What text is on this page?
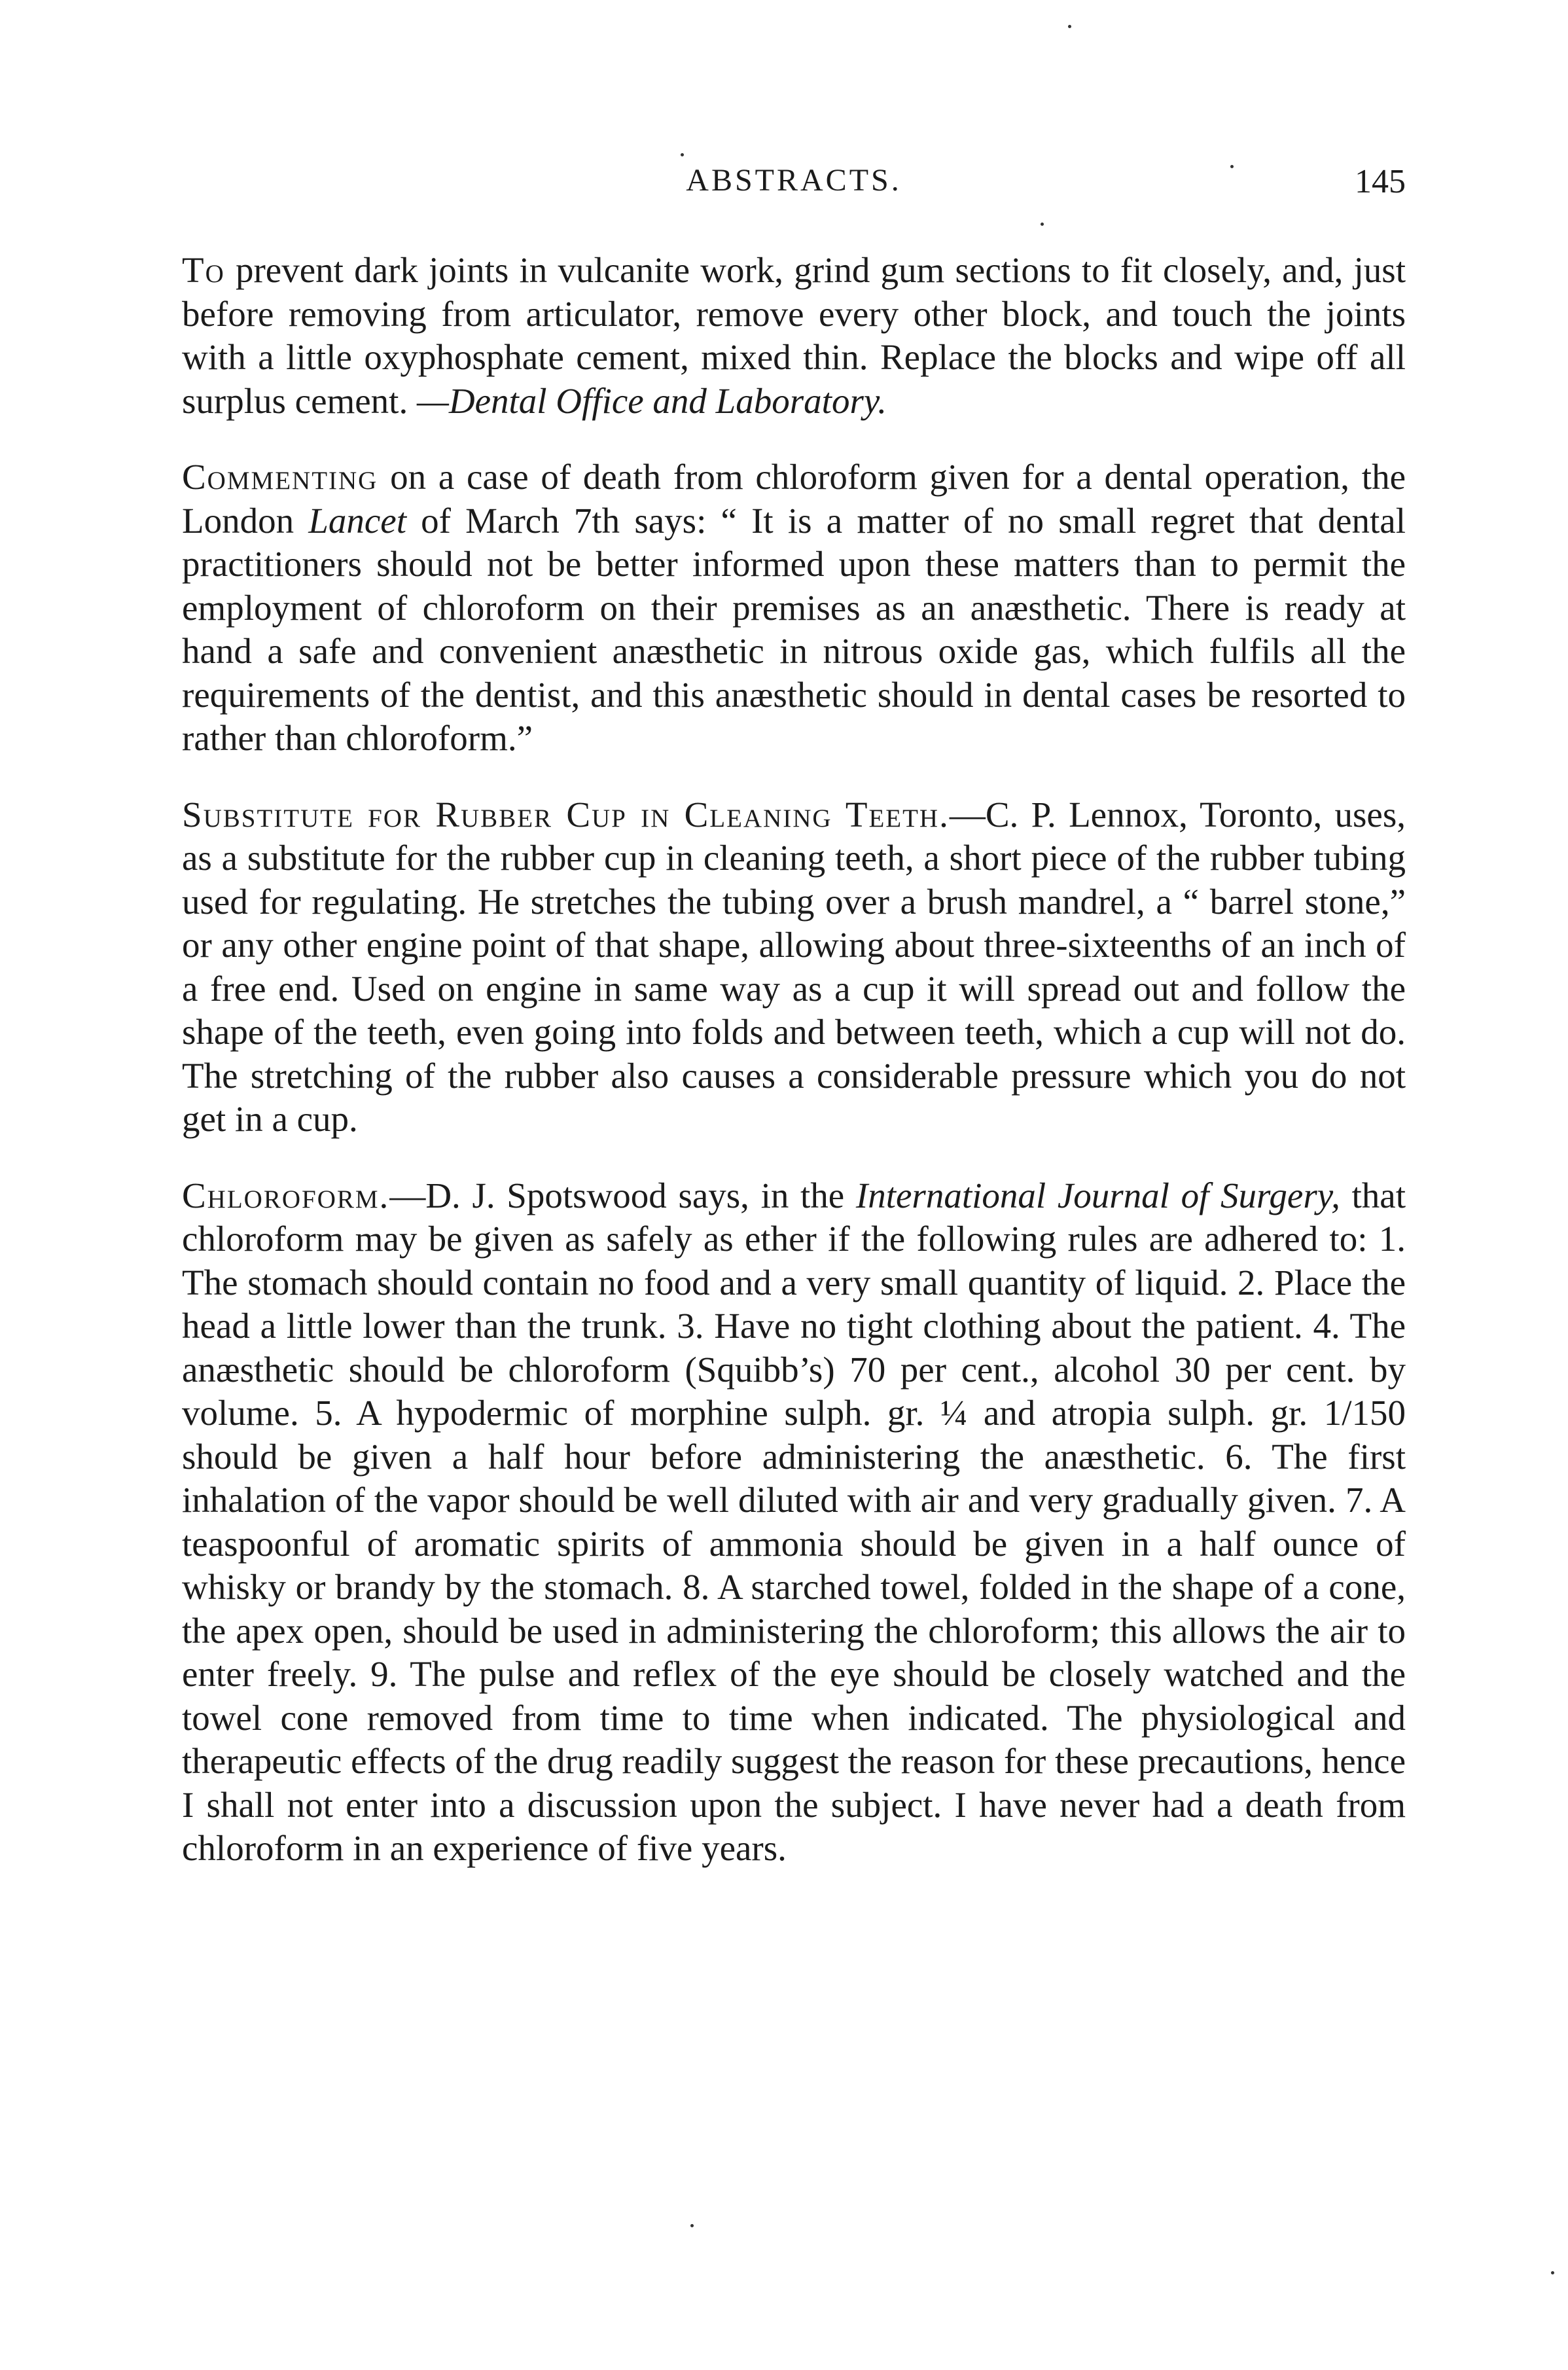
ABSTRACTS.	145

To prevent dark joints in vulcanite work, grind gum sections to fit closely, and, just before removing from articulator, remove every other block, and touch the joints with a little oxyphosphate cement, mixed thin. Replace the blocks and wipe off all surplus cement. —Dental Office and Laboratory.

Commenting on a case of death from chloroform given for a dental operation, the London Lancet of March 7th says: “ It is a matter of no small regret that dental practitioners should not be better informed upon these matters than to permit the employment of chloroform on their premises as an anæsthetic. There is ready at hand a safe and convenient anæsthetic in nitrous oxide gas, which fulfils all the requirements of the dentist, and this anæsthetic should in dental cases be resorted to rather than chloroform.”

Substitute for Rubber Cup in Cleaning Teeth.—C. P. Lennox, Toronto, uses, as a substitute for the rubber cup in cleaning teeth, a short piece of the rubber tubing used for regulating. He stretches the tubing over a brush mandrel, a “ barrel stone,” or any other engine point of that shape, allowing about three-sixteenths of an inch of a free end. Used on engine in same way as a cup it will spread out and follow the shape of the teeth, even going into folds and between teeth, which a cup will not do. The stretching of the rubber also causes a considerable pressure which you do not get in a cup.

Chloroform.—D. J. Spotswood says, in the International Journal of Surgery, that chloroform may be given as safely as ether if the following rules are adhered to: 1. The stomach should contain no food and a very small quantity of liquid. 2. Place the head a little lower than the trunk. 3. Have no tight clothing about the patient. 4. The anæsthetic should be chloroform (Squibb’s) 70 per cent., alcohol 30 per cent. by volume. 5. A hypodermic of morphine sulph. gr. ¼ and atropia sulph. gr. 1/150 should be given a half hour before administering the anæsthetic. 6. The first inhalation of the vapor should be well diluted with air and very gradually given. 7. A teaspoonful of aromatic spirits of ammonia should be given in a half ounce of whisky or brandy by the stomach. 8. A starched towel, folded in the shape of a cone, the apex open, should be used in administering the chloroform; this allows the air to enter freely. 9. The pulse and reflex of the eye should be closely watched and the towel cone removed from time to time when indicated. The physiological and therapeutic effects of the drug readily suggest the reason for these precautions, hence I shall not enter into a discussion upon the subject. I have never had a death from chloroform in an experience of five years.
